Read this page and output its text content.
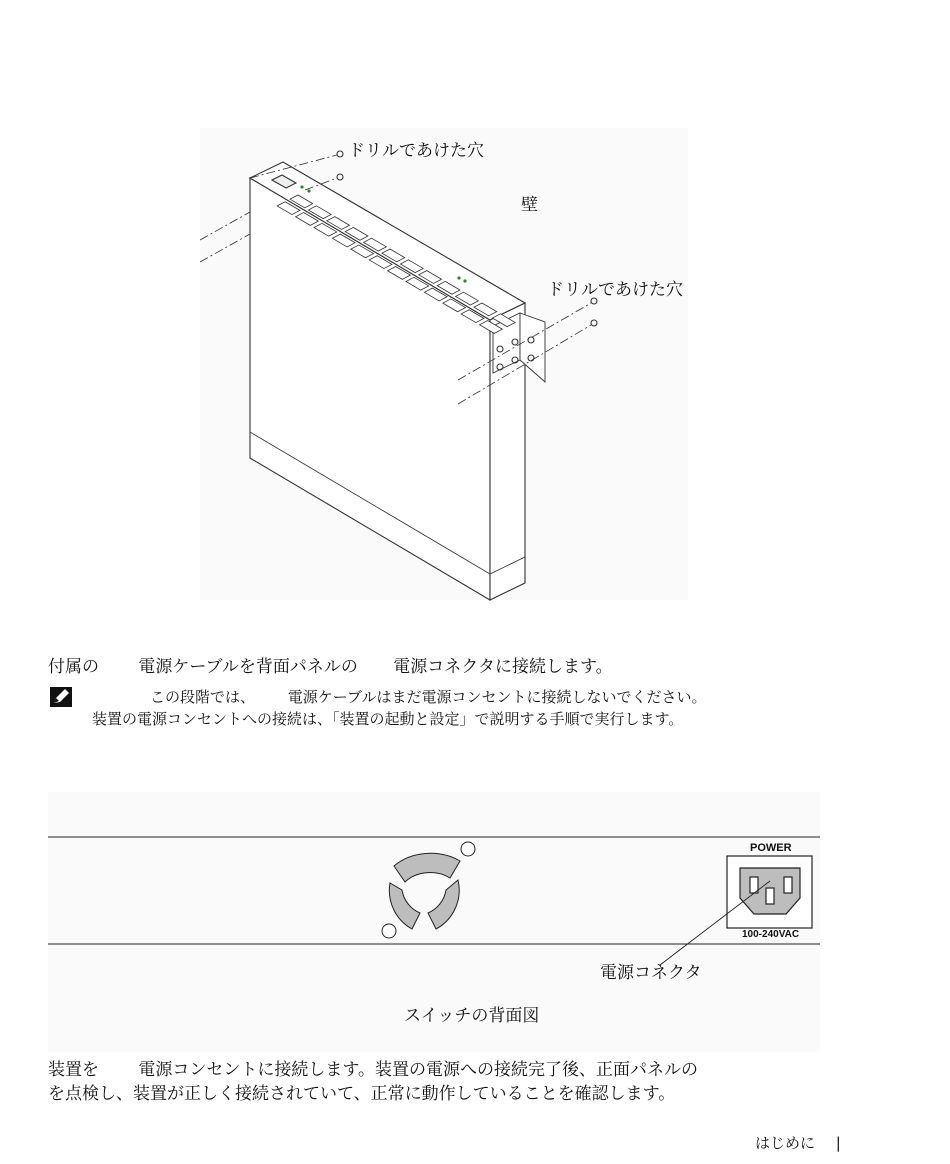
ドリルであけた穴
壁
ドリルであけた穴
付属の 電源ケーブルを背面パネルの 電源コネクタに接続します。
この段階では、 電源ケーブルはまだ電源コンセントに接続しないでください。
装置の電源コンセントへの接続は、「装置の起動と設定」で説明する手順で実行します。
POWER
100-240VAC
電源コネクタ
スイッチの背面図
装置を 電源コンセントに接続します。装置の電源への接続完了後、正面パネルの
を点検し、装置が正しく接続されていて、正常に動作していることを確認します。
はじめに |
